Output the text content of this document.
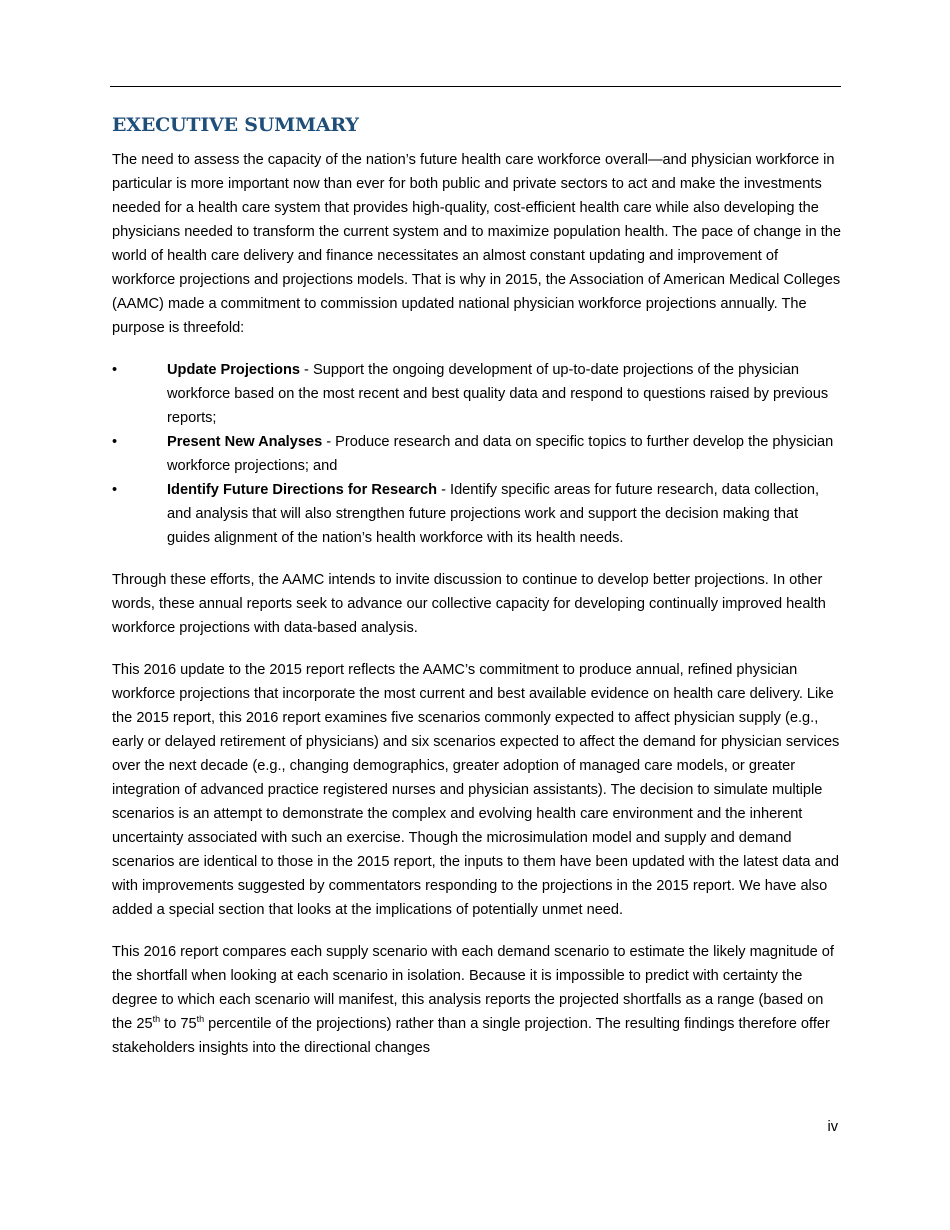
EXECUTIVE SUMMARY

The need to assess the capacity of the nation’s future health care workforce overall—and physician workforce in particular is more important now than ever for both public and private sectors to act and make the investments needed for a health care system that provides high-quality, cost-efficient health care while also developing the physicians needed to transform the current system and to maximize population health. The pace of change in the world of health care delivery and finance necessitates an almost constant updating and improvement of workforce projections and projections models. That is why in 2015, the Association of American Medical Colleges (AAMC) made a commitment to commission updated national physician workforce projections annually. The purpose is threefold:

•	Update Projections - Support the ongoing development of up-to-date projections of the physician workforce based on the most recent and best quality data and respond to questions raised by previous reports;
•	Present New Analyses - Produce research and data on specific topics to further develop the physician workforce projections; and
•	Identify Future Directions for Research - Identify specific areas for future research, data collection, and analysis that will also strengthen future projections work and support the decision making that guides alignment of the nation’s health workforce with its health needs.

Through these efforts, the AAMC intends to invite discussion to continue to develop better projections. In other words, these annual reports seek to advance our collective capacity for developing continually improved health workforce projections with data-based analysis.

This 2016 update to the 2015 report reflects the AAMC’s commitment to produce annual, refined physician workforce projections that incorporate the most current and best available evidence on health care delivery. Like the 2015 report, this 2016 report examines five scenarios commonly expected to affect physician supply (e.g., early or delayed retirement of physicians) and six scenarios expected to affect the demand for physician services over the next decade (e.g., changing demographics, greater adoption of managed care models, or greater integration of advanced practice registered nurses and physician assistants). The decision to simulate multiple scenarios is an attempt to demonstrate the complex and evolving health care environment and the inherent uncertainty associated with such an exercise. Though the microsimulation model and supply and demand scenarios are identical to those in the 2015 report, the inputs to them have been updated with the latest data and with improvements suggested by commentators responding to the projections in the 2015 report. We have also added a special section that looks at the implications of potentially unmet need.

This 2016 report compares each supply scenario with each demand scenario to estimate the likely magnitude of the shortfall when looking at each scenario in isolation. Because it is impossible to predict with certainty the degree to which each scenario will manifest, this analysis reports the projected shortfalls as a range (based on the 25th to 75th percentile of the projections) rather than a single projection. The resulting findings therefore offer stakeholders insights into the directional changes

iv
